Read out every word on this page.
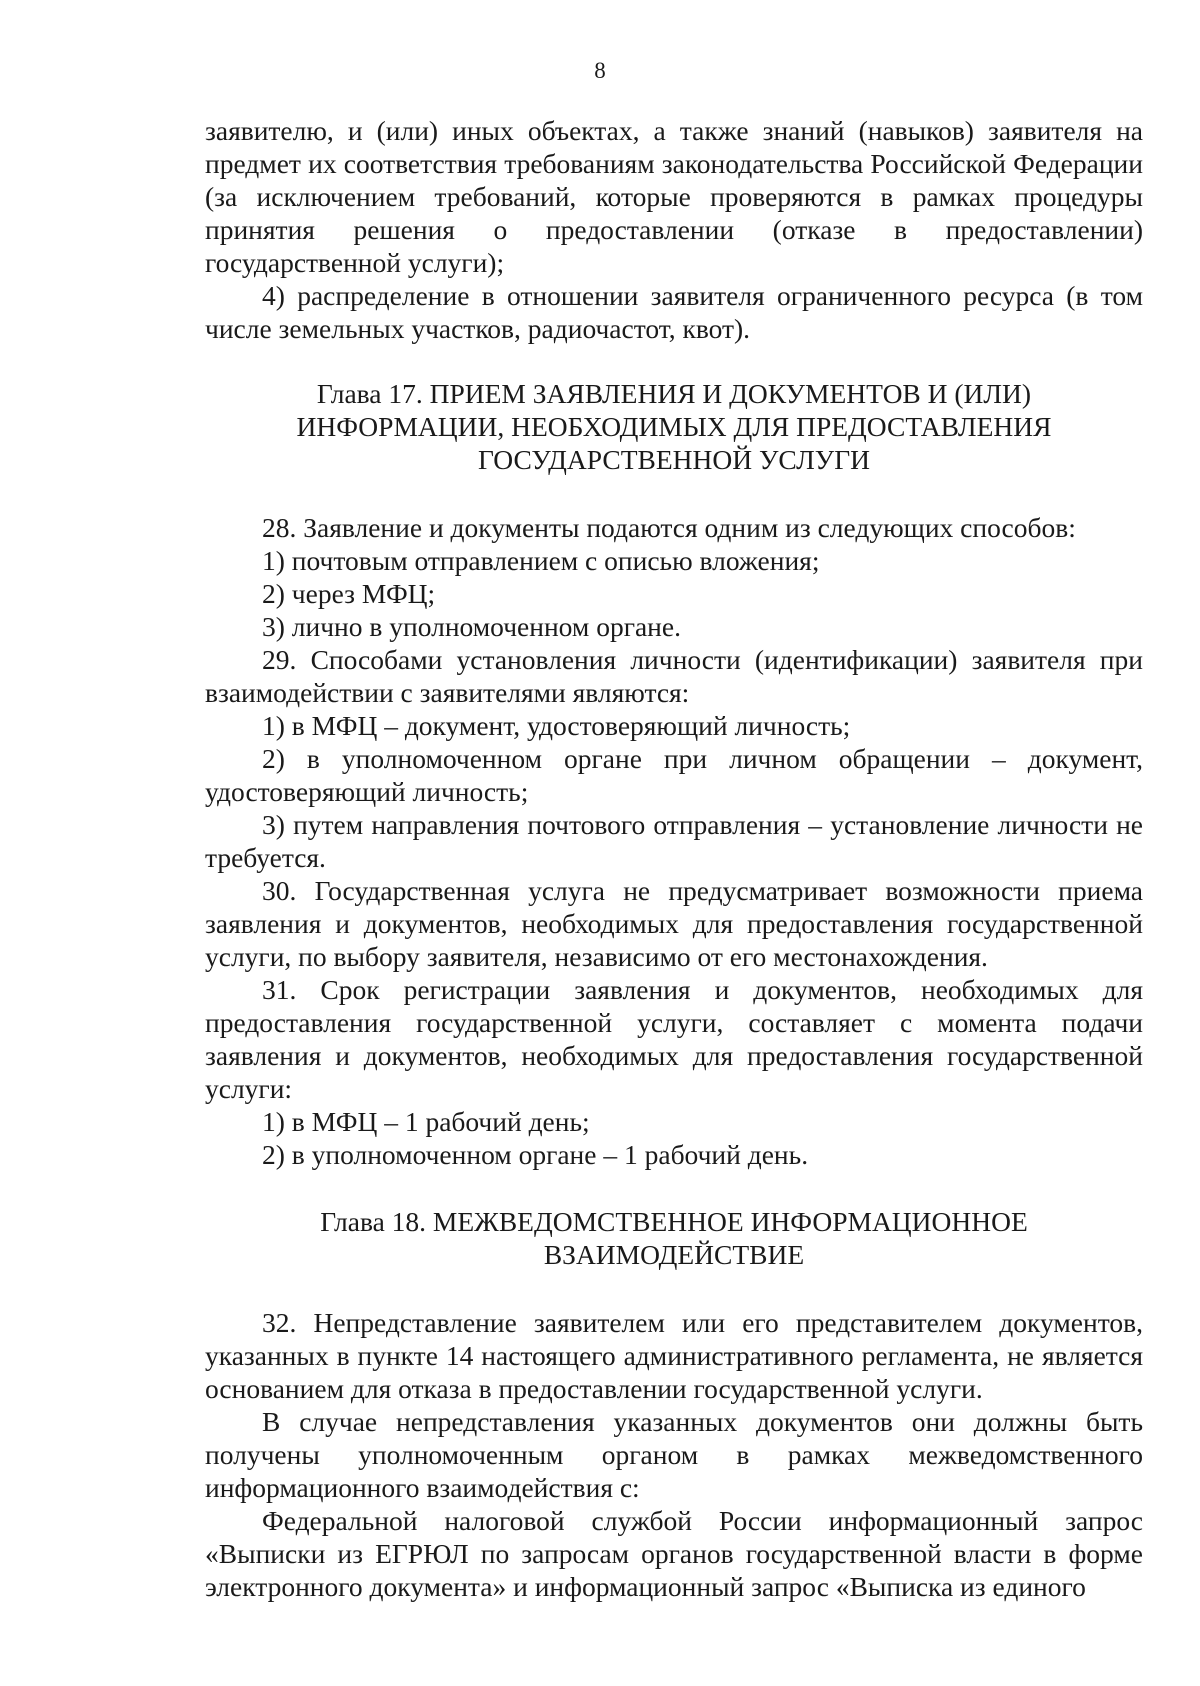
8

заявителю, и (или) иных объектах, а также знаний (навыков) заявителя на предмет их соответствия требованиям законодательства Российской Федерации (за исключением требований, которые проверяются в рамках процедуры принятия решения о предоставлении (отказе в предоставлении) государственной услуги);

4) распределение в отношении заявителя ограниченного ресурса (в том числе земельных участков, радиочастот, квот).

Глава 17. ПРИЕМ ЗАЯВЛЕНИЯ И ДОКУМЕНТОВ И (ИЛИ)
ИНФОРМАЦИИ, НЕОБХОДИМЫХ ДЛЯ ПРЕДОСТАВЛЕНИЯ
ГОСУДАРСТВЕННОЙ УСЛУГИ

28. Заявление и документы подаются одним из следующих способов:

1) почтовым отправлением с описью вложения;

2) через МФЦ;

3) лично в уполномоченном органе.

29. Способами установления личности (идентификации) заявителя при взаимодействии с заявителями являются:

1) в МФЦ – документ, удостоверяющий личность;

2) в уполномоченном органе при личном обращении – документ, удостоверяющий личность;

3) путем направления почтового отправления – установление личности не требуется.

30. Государственная услуга не предусматривает возможности приема заявления и документов, необходимых для предоставления государственной услуги, по выбору заявителя, независимо от его местонахождения.

31. Срок регистрации заявления и документов, необходимых для предоставления государственной услуги, составляет с момента подачи заявления и документов, необходимых для предоставления государственной услуги:

1) в МФЦ – 1 рабочий день;

2) в уполномоченном органе – 1 рабочий день.

Глава 18. МЕЖВЕДОМСТВЕННОЕ ИНФОРМАЦИОННОЕ
ВЗАИМОДЕЙСТВИЕ

32. Непредставление заявителем или его представителем документов, указанных в пункте 14 настоящего административного регламента, не является основанием для отказа в предоставлении государственной услуги.

В случае непредставления указанных документов они должны быть получены уполномоченным органом в рамках межведомственного информационного взаимодействия с:

Федеральной налоговой службой России информационный запрос «Выписки из ЕГРЮЛ по запросам органов государственной власти в форме электронного документа» и информационный запрос «Выписка из единого
